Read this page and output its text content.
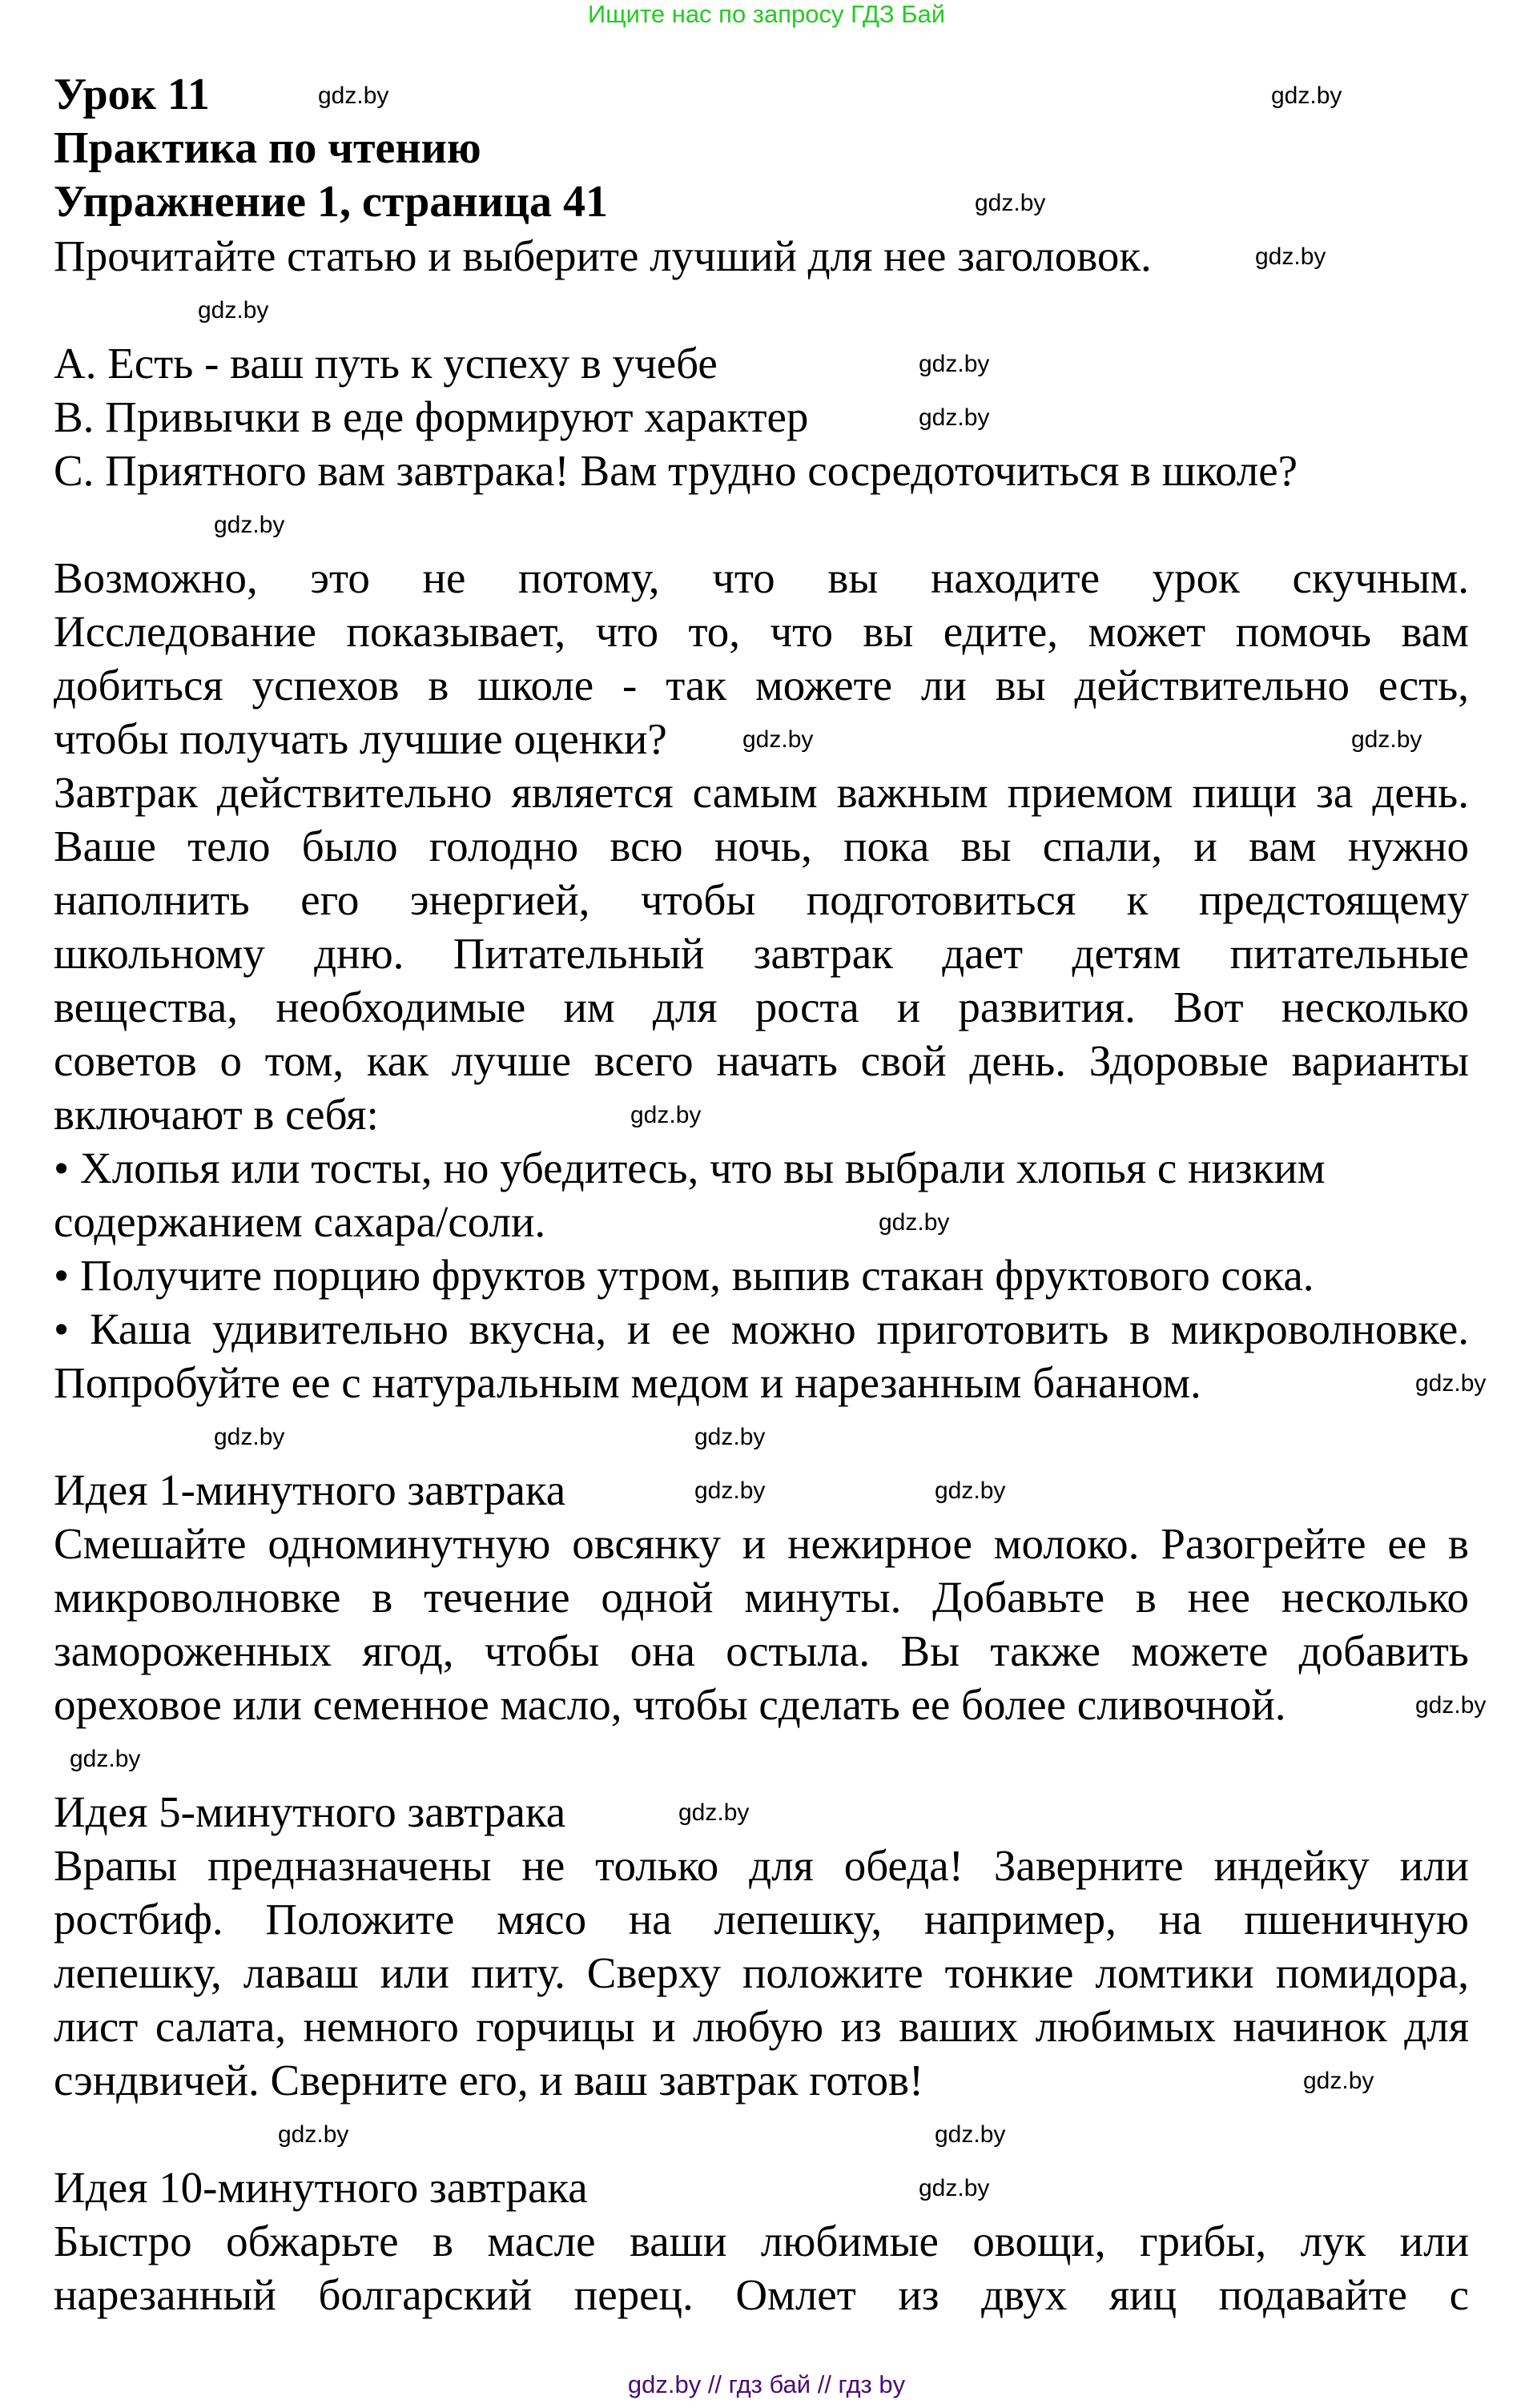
Ищите нас по запросу ГДЗ Бай
Урок 11
Практика по чтению
Упражнение 1, страница 41
Прочитайте статью и выберите лучший для нее заголовок.
A. Есть - ваш путь к успеху в учебе
B. Привычки в еде формируют характер
C. Приятного вам завтрака! Вам трудно сосредоточиться в школе?
Возможно, это не потому, что вы находите урок скучным.
Исследование показывает, что то, что вы едите, может помочь вам
добиться успехов в школе - так можете ли вы действительно есть,
чтобы получать лучшие оценки?
Завтрак действительно является самым важным приемом пищи за день.
Ваше тело было голодно всю ночь, пока вы спали, и вам нужно
наполнить его энергией, чтобы подготовиться к предстоящему
школьному дню. Питательный завтрак дает детям питательные
вещества, необходимые им для роста и развития. Вот несколько
советов о том, как лучше всего начать свой день. Здоровые варианты
включают в себя:
• Хлопья или тосты, но убедитесь, что вы выбрали хлопья с низким
содержанием сахара/соли.
• Получите порцию фруктов утром, выпив стакан фруктового сока.
• Каша удивительно вкусна, и ее можно приготовить в микроволновке.
Попробуйте ее с натуральным медом и нарезанным бананом.
Идея 1-минутного завтрака
Смешайте одноминутную овсянку и нежирное молоко. Разогрейте ее в
микроволновке в течение одной минуты. Добавьте в нее несколько
замороженных ягод, чтобы она остыла. Вы также можете добавить
ореховое или семенное масло, чтобы сделать ее более сливочной.
Идея 5-минутного завтрака
Врапы предназначены не только для обеда! Заверните индейку или
ростбиф. Положите мясо на лепешку, например, на пшеничную
лепешку, лаваш или питу. Сверху положите тонкие ломтики помидора,
лист салата, немного горчицы и любую из ваших любимых начинок для
сэндвичей. Сверните его, и ваш завтрак готов!
Идея 10-минутного завтрака
Быстро обжарьте в масле ваши любимые овощи, грибы, лук или
нарезанный болгарский перец. Омлет из двух яиц подавайте с
gdz.by	gdz.by
gdz.by
gdz.by
gdz.by
gdz.by
gdz.by
gdz.by
gdz.by	gdz.by
gdz.by
gdz.by
gdz.by
gdz.by	gdz.by
gdz.by	gdz.by
gdz.by
gdz.by
gdz.by
gdz.by
gdz.by
gdz.by
gdz.by
gdz.by // гдз бай // гдз by
